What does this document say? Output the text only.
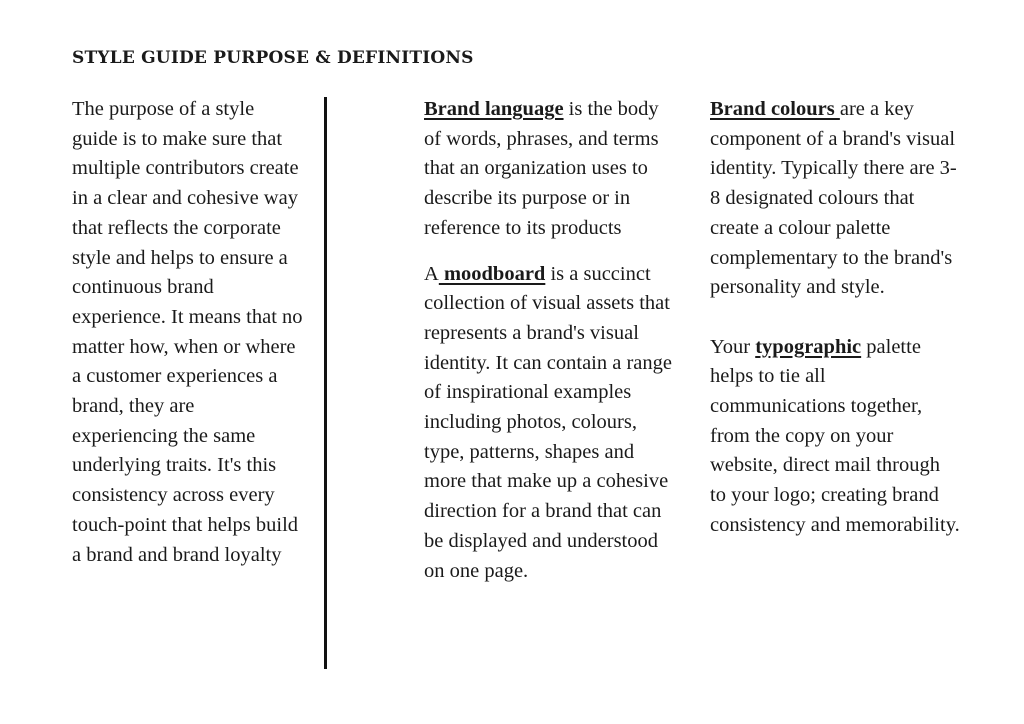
STYLE GUIDE PURPOSE & DEFINITIONS

The purpose of a style guide is to make sure that multiple contributors create in a clear and cohesive way that reflects the corporate style and helps to ensure a continuous brand experience. It means that no matter how, when or where a customer experiences a brand, they are experiencing the same underlying traits. It's this consistency across every touch-point that helps build a brand and brand loyalty

Brand language is the body of words, phrases, and terms that an organization uses to describe its purpose or in reference to its products

A moodboard is a succinct collection of visual assets that represents a brand's visual identity. It can contain a range of inspirational examples including photos, colours, type, patterns, shapes and more that make up a cohesive direction for a brand that can be displayed and understood on one page.

Brand colours are a key component of a brand's visual identity. Typically there are 3-8 designated colours that create a colour palette complementary to the brand's personality and style.

Your typographic palette helps to tie all communications together, from the copy on your website, direct mail through to your logo; creating brand consistency and memorability.
